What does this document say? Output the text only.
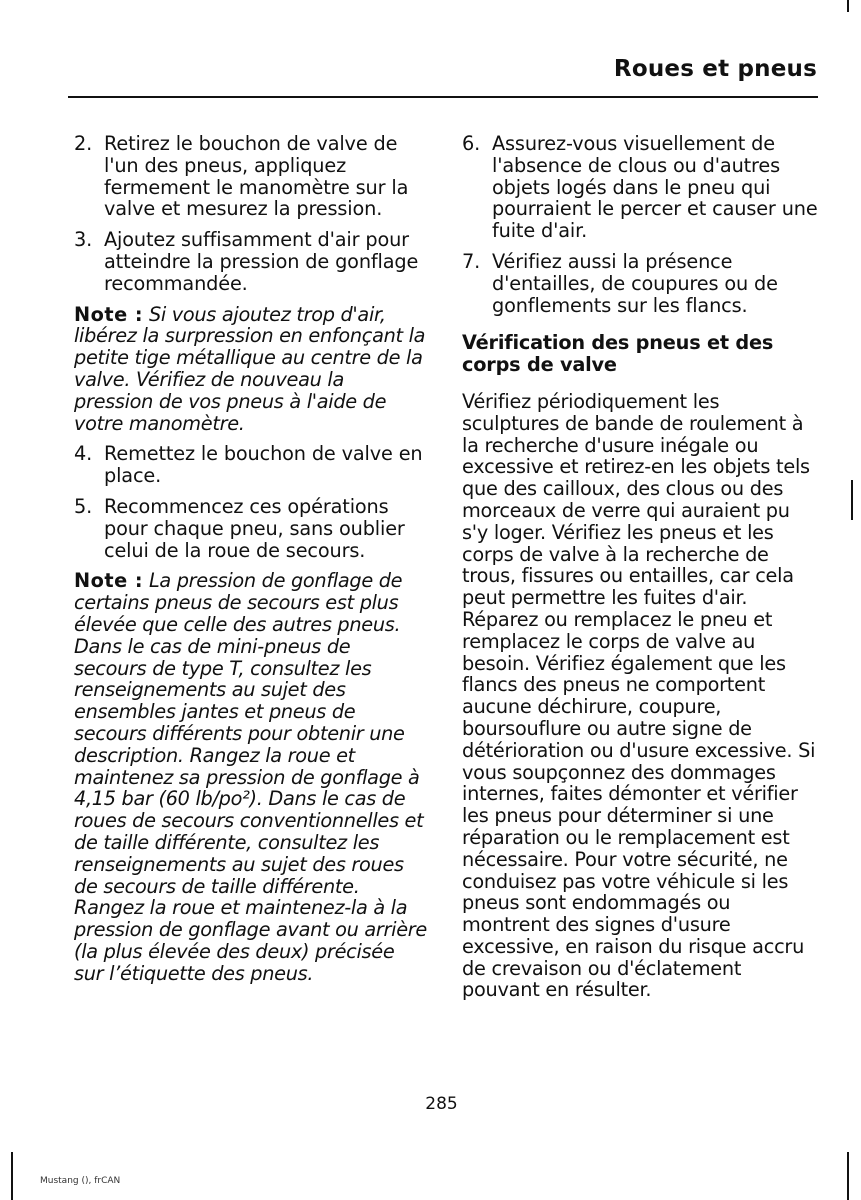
Roues et pneus
2. Retirez le bouchon de valve de l'un des pneus, appliquez fermement le manomètre sur la valve et mesurez la pression.
3. Ajoutez suffisamment d'air pour atteindre la pression de gonflage recommandée.

Note : Si vous ajoutez trop d'air, libérez la surpression en enfonçant la petite tige métallique au centre de la valve. Vérifiez de nouveau la pression de vos pneus à l'aide de votre manomètre.

4. Remettez le bouchon de valve en place.
5. Recommencez ces opérations pour chaque pneu, sans oublier celui de la roue de secours.

Note : La pression de gonflage de certains pneus de secours est plus élevée que celle des autres pneus. Dans le cas de mini-pneus de secours de type T, consultez les renseignements au sujet des ensembles jantes et pneus de secours différents pour obtenir une description. Rangez la roue et maintenez sa pression de gonflage à 4,15 bar (60 lb/po²). Dans le cas de roues de secours conventionnelles et de taille différente, consultez les renseignements au sujet des roues de secours de taille différente. Rangez la roue et maintenez-la à la pression de gonflage avant ou arrière (la plus élevée des deux) précisée sur l’étiquette des pneus.

6. Assurez-vous visuellement de l'absence de clous ou d'autres objets logés dans le pneu qui pourraient le percer et causer une fuite d'air.
7. Vérifiez aussi la présence d'entailles, de coupures ou de gonflements sur les flancs.
Vérification des pneus et des corps de valve

Vérifiez périodiquement les sculptures de bande de roulement à la recherche d'usure inégale ou excessive et retirez-en les objets tels que des cailloux, des clous ou des morceaux de verre qui auraient pu s'y loger. Vérifiez les pneus et les corps de valve à la recherche de trous, fissures ou entailles, car cela peut permettre les fuites d'air. Réparez ou remplacez le pneu et remplacez le corps de valve au besoin. Vérifiez également que les flancs des pneus ne comportent aucune déchirure, coupure, boursouflure ou autre signe de détérioration ou d'usure excessive. Si vous soupçonnez des dommages internes, faites démonter et vérifier les pneus pour déterminer si une réparation ou le remplacement est nécessaire. Pour votre sécurité, ne conduisez pas votre véhicule si les pneus sont endommagés ou montrent des signes d'usure excessive, en raison du risque accru de crevaison ou d'éclatement pouvant en résulter.

285
Mustang (), frCAN
